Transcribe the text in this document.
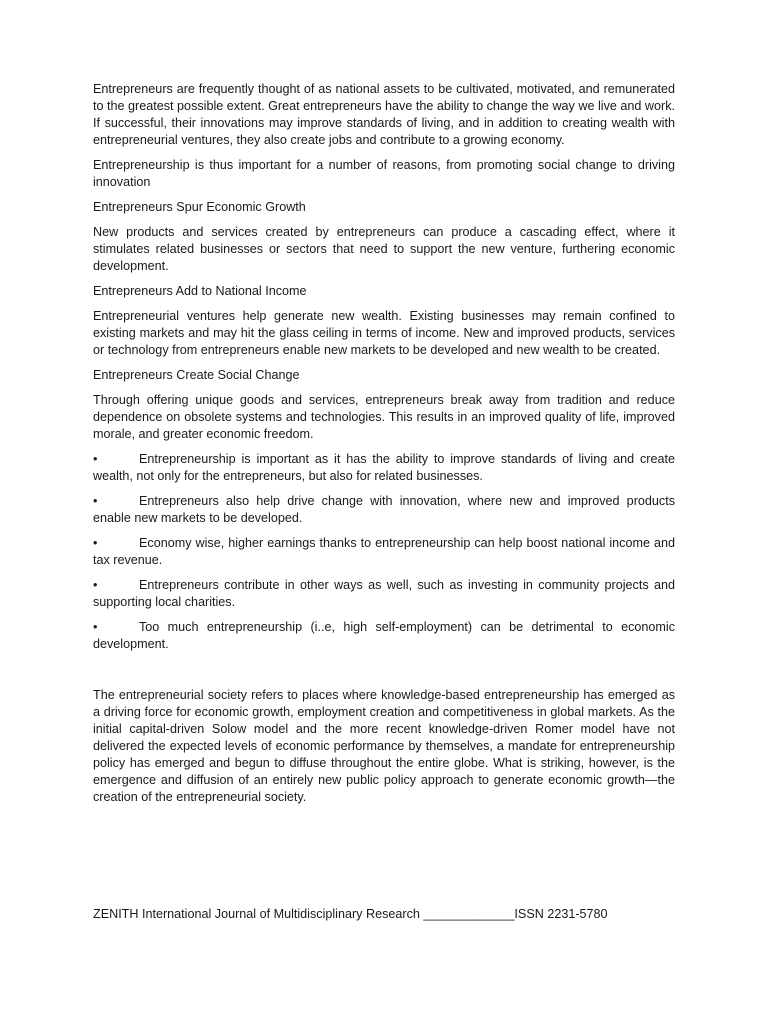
Entrepreneurs are frequently thought of as national assets to be cultivated, motivated, and remunerated to the greatest possible extent. Great entrepreneurs have the ability to change the way we live and work. If successful, their innovations may improve standards of living, and in addition to creating wealth with entrepreneurial ventures, they also create jobs and contribute to a growing economy.

Entrepreneurship is thus important for a number of reasons, from promoting social change to driving innovation

Entrepreneurs Spur Economic Growth

New products and services created by entrepreneurs can produce a cascading effect, where it stimulates related businesses or sectors that need to support the new venture, furthering economic development.

Entrepreneurs Add to National Income

Entrepreneurial ventures help generate new wealth. Existing businesses may remain confined to existing markets and may hit the glass ceiling in terms of income. New and improved products, services or technology from entrepreneurs enable new markets to be developed and new wealth to be created.

Entrepreneurs Create Social Change

Through offering unique goods and services, entrepreneurs break away from tradition and reduce dependence on obsolete systems and technologies. This results in an improved quality of life, improved morale, and greater economic freedom.

•	Entrepreneurship is important as it has the ability to improve standards of living and create wealth, not only for the entrepreneurs, but also for related businesses.

•	Entrepreneurs also help drive change with innovation, where new and improved products enable new markets to be developed.

•	Economy wise, higher earnings thanks to entrepreneurship can help boost national income and tax revenue.

•	Entrepreneurs contribute in other ways as well, such as investing in community projects and supporting local charities.

•	Too much entrepreneurship (i..e, high self-employment) can be detrimental to economic development.

The entrepreneurial society refers to places where knowledge-based entrepreneurship has emerged as a driving force for economic growth, employment creation and competitiveness in global markets. As the initial capital-driven Solow model and the more recent knowledge-driven Romer model have not delivered the expected levels of economic performance by themselves, a mandate for entrepreneurship policy has emerged and begun to diffuse throughout the entire globe. What is striking, however, is the emergence and diffusion of an entirely new public policy approach to generate economic growth—the creation of the entrepreneurial society.

ZENITH International Journal of Multidisciplinary Research _____________ISSN 2231-5780
